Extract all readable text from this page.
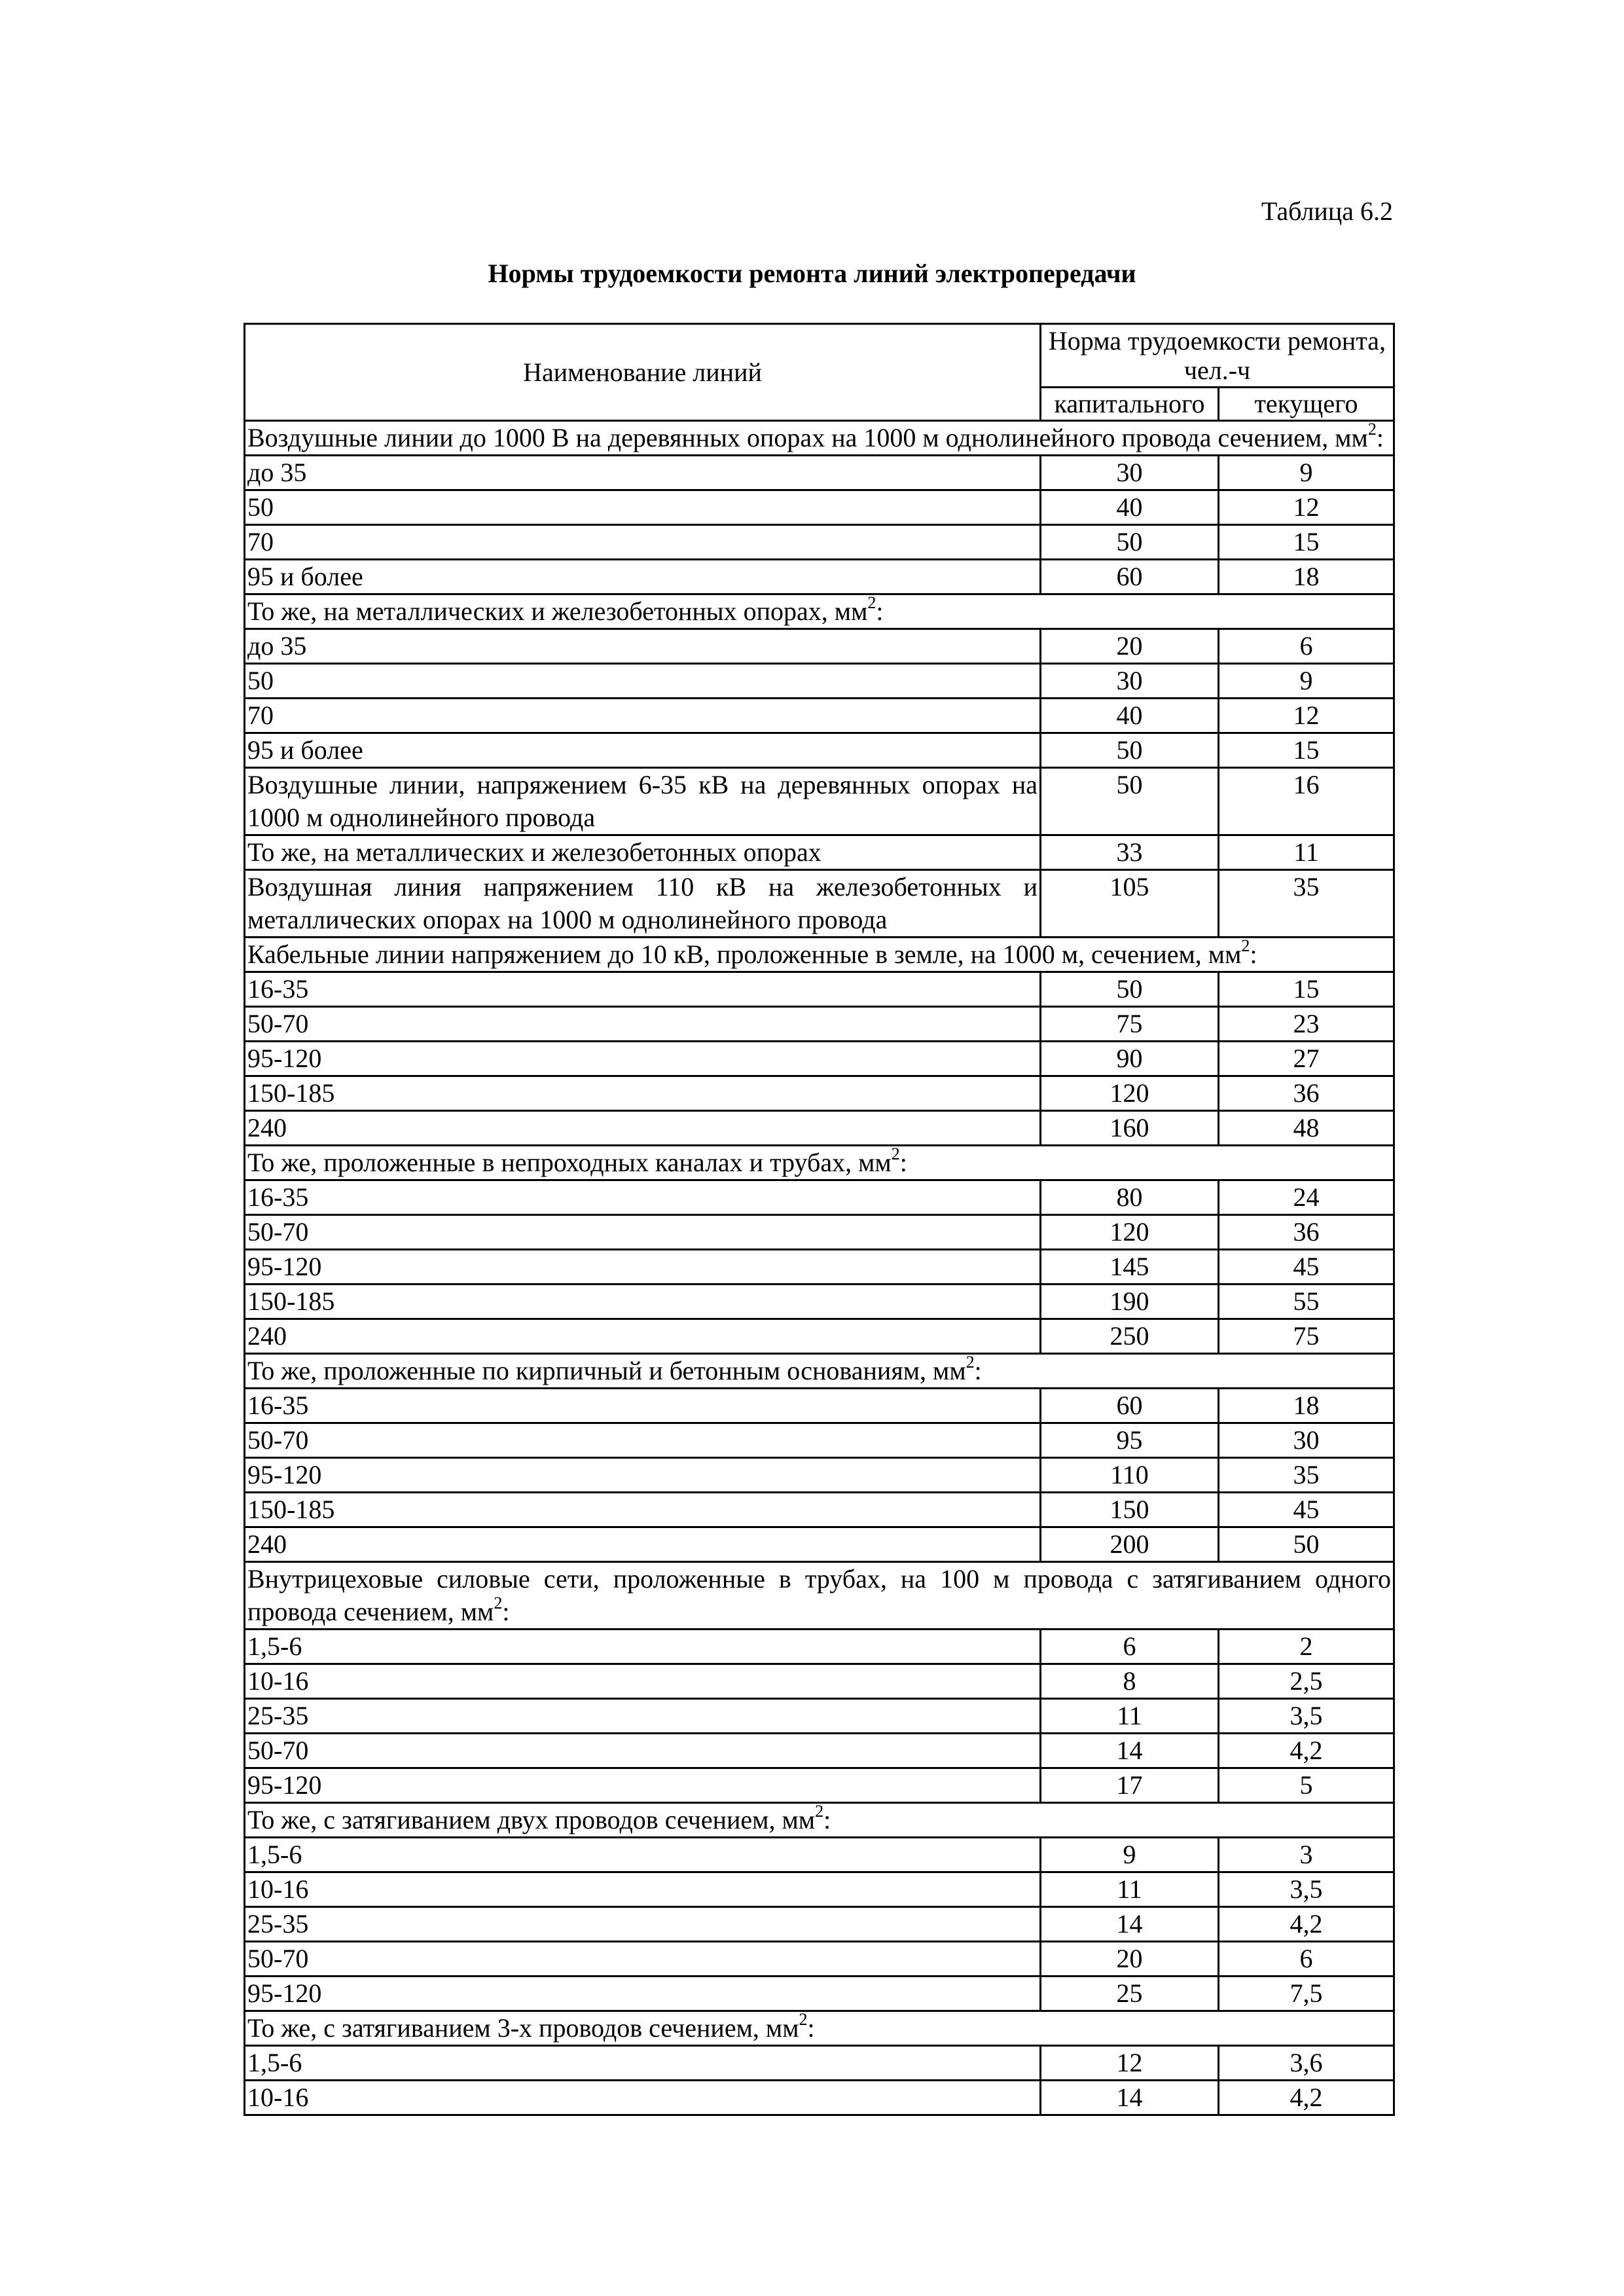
Таблица 6.2
Нормы трудоемкости ремонта линий электропередачи
Наименование линий	Норма трудоемкости ремонта, чел.-ч	
	капитального	текущего
Воздушные линии до 1000 В на деревянных опорах на 1000 м однолинейного провода сечением, $мм^2$:		
до 35	30	9
50	40	12
70	50	15
95 и более	60	18
То же, на металлических и железобетонных опорах, $мм^2$:		
до 35	20	6
50	30	9
70	40	12
95 и более	50	15
Воздушные линии, напряжением 6-35 кВ на деревянных опорах на 1000 м однолинейного провода	50	16
То же, на металлических и железобетонных опорах	33	11
Воздушная линия напряжением 110 кВ на железобетонных и металлических опорах на 1000 м однолинейного провода	105	35
Кабельные линии напряжением до 10 кВ, проложенные в земле, на 1000 м, сечением, $мм^2$:		
16-35	50	15
50-70	75	23
95-120	90	27
150-185	120	36
240	160	48
То же, проложенные в непроходных каналах и трубах, $мм^2$:		
16-35	80	24
50-70	120	36
95-120	145	45
150-185	190	55
240	250	75
То же, проложенные по кирпичный и бетонным основаниям, $мм^2$:		
16-35	60	18
50-70	95	30
95-120	110	35
150-185	150	45
240	200	50
Внутрицеховые силовые сети, проложенные в трубах, на 100 м провода с затягиванием одного провода сечением, $мм^2$:		
1,5-6	6	2
10-16	8	2,5
25-35	11	3,5
50-70	14	4,2
95-120	17	5
То же, с затягиванием двух проводов сечением, $мм^2$:		
1,5-6	9	3
10-16	11	3,5
25-35	14	4,2
50-70	20	6
95-120	25	7,5
То же, с затягиванием 3-х проводов сечением, $мм^2$:		
1,5-6	12	3,6
10-16	14	4,2
